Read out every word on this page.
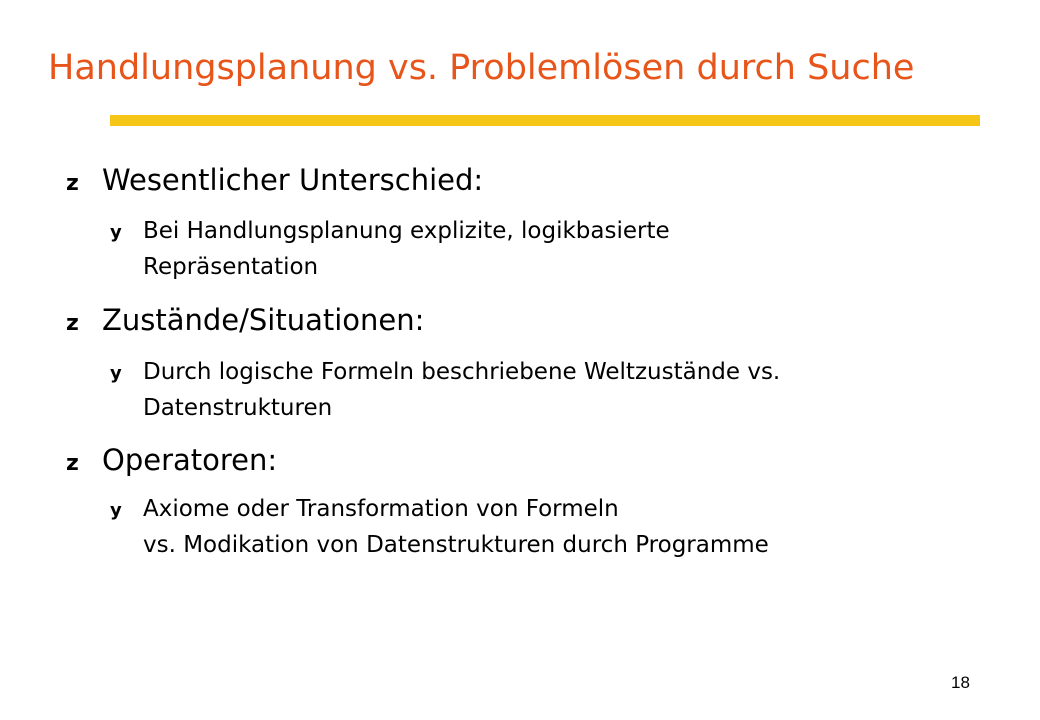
Handlungsplanung vs. Problemlösen durch Suche
z Wesentlicher Unterschied:
y Bei Handlungsplanung explizite, logikbasierte
Repräsentation
z Zustände/Situationen:
y Durch logische Formeln beschriebene Weltzustände vs.
Datenstrukturen
z Operatoren:
y Axiome oder Transformation von Formeln
vs. Modikation von Datenstrukturen durch Programme
18
